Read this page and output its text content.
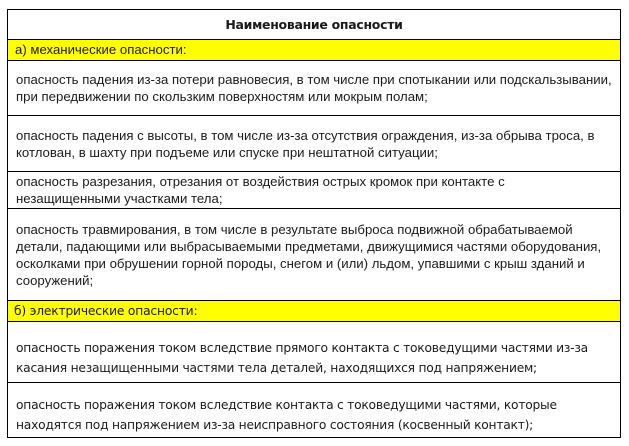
Наименование опасности
а) механические опасности:
опасность падения из-за потери равновесия, в том числе при спотыкании или подскальзывании, при передвижении по скользким поверхностям или мокрым полам;
опасность падения с высоты, в том числе из-за отсутствия ограждения, из-за обрыва троса, в котлован, в шахту при подъеме или спуске при нештатной ситуации;
опасность разрезания, отрезания от воздействия острых кромок при контакте с незащищенными участками тела;
опасность травмирования, в том числе в результате выброса подвижной обрабатываемой детали, падающими или выбрасываемыми предметами, движущимися частями оборудования, осколками при обрушении горной породы, снегом и (или) льдом, упавшими с крыш зданий и сооружений;
б) электрические опасности:
опасность поражения током вследствие прямого контакта с токоведущими частями из-за касания незащищенными частями тела деталей, находящихся под напряжением;
опасность поражения током вследствие контакта с токоведущими частями, которые находятся под напряжением из-за неисправного состояния (косвенный контакт);
